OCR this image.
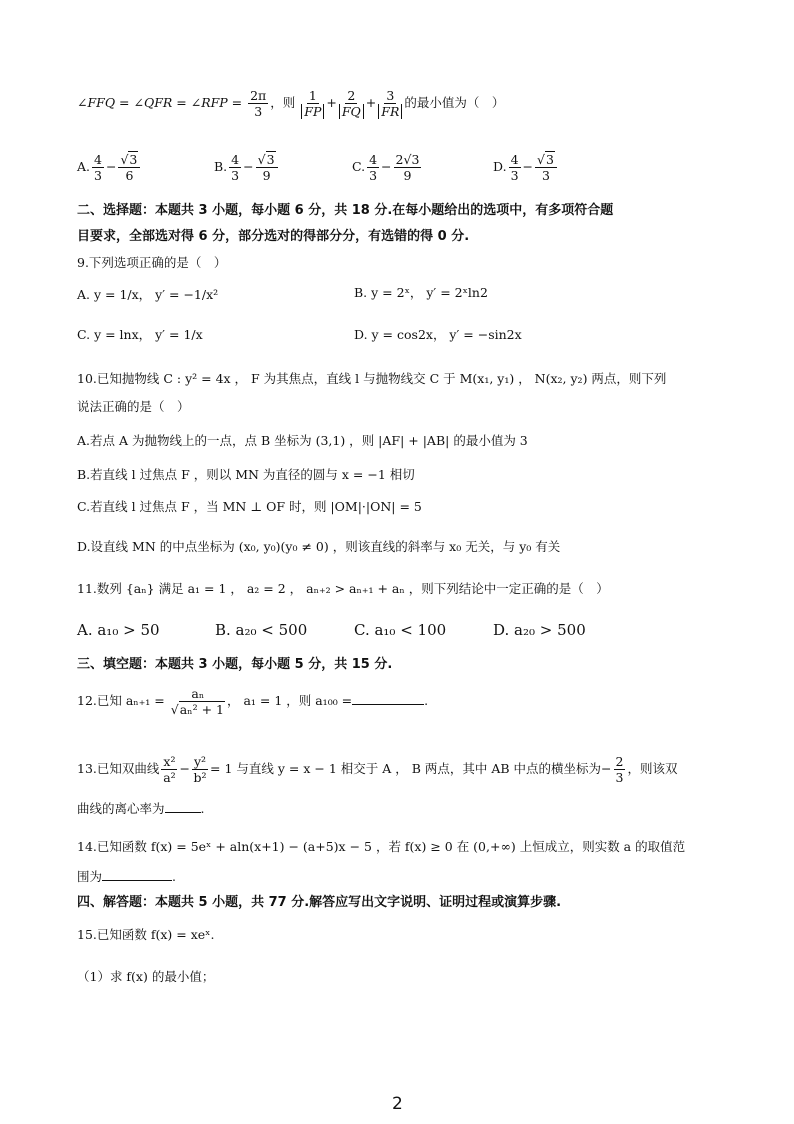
∠FFQ = ∠QFR = ∠RFP = $\frac{2\pi}{3}$ ，则 $\frac{1}{FP} + \frac{2}{FQ} + \frac{3}{FR}$ 的最小值为（　）
A. $\frac{4}{3} - \frac{√3}{6}$	B. $\frac{4}{3} - \frac{√3}{9}$	C. $\frac{4}{3} - \frac{2√3}{9}$	D. $\frac{4}{3} - \frac{√3}{3}$
二、选择题：本题共 3 小题，每小题 6 分，共 18 分.在每小题给出的选项中，有多项符合题
目要求，全部选对得 6 分，部分选对的得部分分，有选错的得 0 分.
9.下列选项正确的是（　）
A. y = 1/x， y′ = −1/x²	B. y = 2ˣ， y′ = 2ˣln2
C. y = lnx， y′ = 1/x	D. y = cos2x， y′ = −sin2x
10.已知抛物线 C : y² = 4x ， F 为其焦点，直线 l 与抛物线交 C 于 M(x₁, y₁) ， N(x₂, y₂) 两点，则下列
说法正确的是（　）
A.若点 A 为抛物线上的一点，点 B 坐标为 (3,1) ，则 |AF| + |AB| 的最小值为 3
B.若直线 l 过焦点 F ，则以 MN 为直径的圆与 x = −1 相切
C.若直线 l 过焦点 F ，当 MN ⊥ OF 时，则 |OM|·|ON| = 5
D.设直线 MN 的中点坐标为 (x₀, y₀)(y₀ ≠ 0) ，则该直线的斜率与 x₀ 无关，与 y₀ 有关
11.数列 {aₙ} 满足 a₁ = 1 ， a₂ = 2 ， aₙ₊₂ > aₙ₊₁ + aₙ ，则下列结论中一定正确的是（　）
A. a₁₀ > 50	B. a₂₀ < 500	C. a₁₀ < 100	D. a₂₀ > 500
三、填空题：本题共 3 小题，每小题 5 分，共 15 分.
12.已知 $a_{n+1} = \frac{\text{aₙ}}{\text{√aₙ² + 1}}$ ， a₁ = 1 ，则 a₁₀₀ =	.
13.已知双曲线 $\frac{\text{x²}}{\text{a²}} - \frac{\text{y²}}{\text{b²}} = 1$ 与直线 y = x − 1 相交于 A ， B 两点，其中 AB 中点的横坐标为− $\frac{2}{3}$ ，则该双
曲线的离心率为	.
14.已知函数 f(x) = 5eˣ + aln(x+1) − (a+5)x − 5 ，若 f(x) ≥ 0 在 (0,+∞) 上恒成立，则实数 a 的取值范
围为	.
四、解答题：本题共 5 小题，共 77 分.解答应写出文字说明、证明过程或演算步骤.
15.已知函数 f(x) = xeˣ.
（1）求 f(x) 的最小值；
2
